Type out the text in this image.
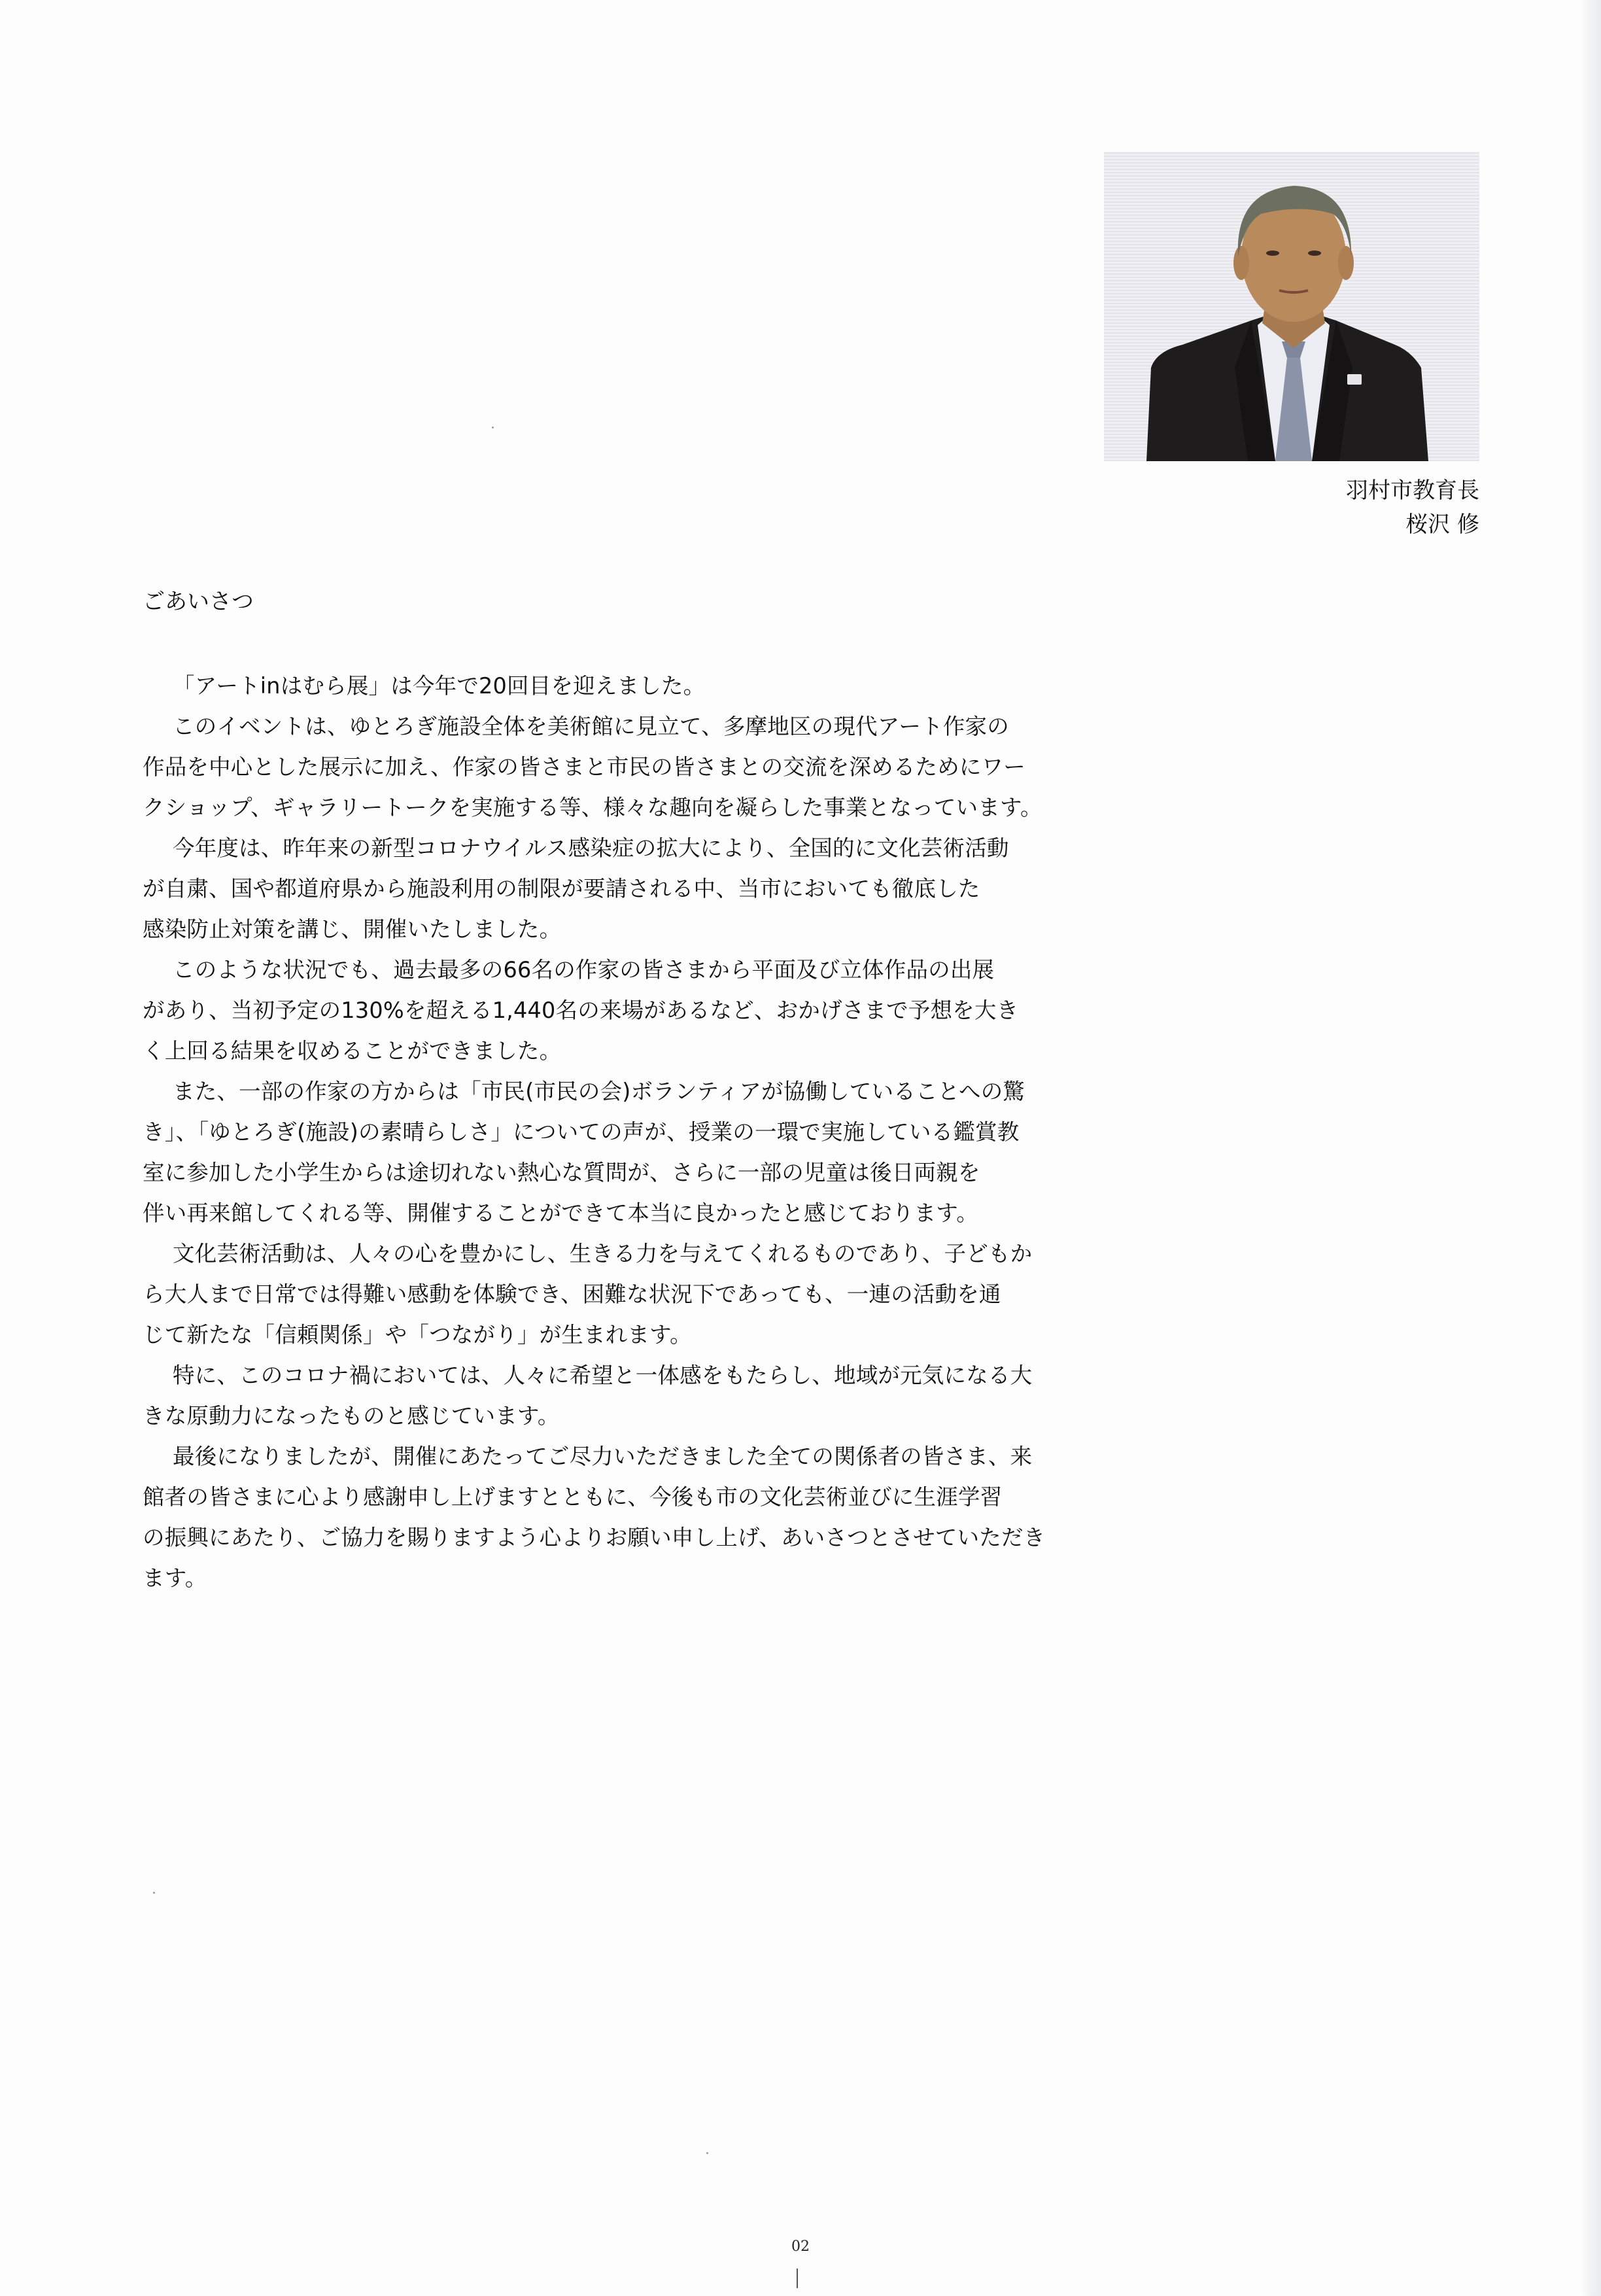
羽村市教育長
桜沢 修
ごあいさつ
「アートinはむら展」は今年で20回目を迎えました。
このイベントは、ゆとろぎ施設全体を美術館に見立て、多摩地区の現代アート作家の
作品を中心とした展示に加え、作家の皆さまと市民の皆さまとの交流を深めるためにワー
クショップ、ギャラリートークを実施する等、様々な趣向を凝らした事業となっています。
今年度は、昨年来の新型コロナウイルス感染症の拡大により、全国的に文化芸術活動
が自粛、国や都道府県から施設利用の制限が要請される中、当市においても徹底した
感染防止対策を講じ、開催いたしました。
このような状況でも、過去最多の66名の作家の皆さまから平面及び立体作品の出展
があり、当初予定の130%を超える1,440名の来場があるなど、おかげさまで予想を大き
く上回る結果を収めることができました。
また、一部の作家の方からは「市民(市民の会)ボランティアが協働していることへの驚
き」、「ゆとろぎ(施設)の素晴らしさ」についての声が、授業の一環で実施している鑑賞教
室に参加した小学生からは途切れない熱心な質問が、さらに一部の児童は後日両親を
伴い再来館してくれる等、開催することができて本当に良かったと感じております。
文化芸術活動は、人々の心を豊かにし、生きる力を与えてくれるものであり、子どもか
ら大人まで日常では得難い感動を体験でき、困難な状況下であっても、一連の活動を通
じて新たな「信頼関係」や「つながり」が生まれます。
特に、このコロナ禍においては、人々に希望と一体感をもたらし、地域が元気になる大
きな原動力になったものと感じています。
最後になりましたが、開催にあたってご尽力いただきました全ての関係者の皆さま、来
館者の皆さまに心より感謝申し上げますとともに、今後も市の文化芸術並びに生涯学習
の振興にあたり、ご協力を賜りますよう心よりお願い申し上げ、あいさつとさせていただき
ます。
02
